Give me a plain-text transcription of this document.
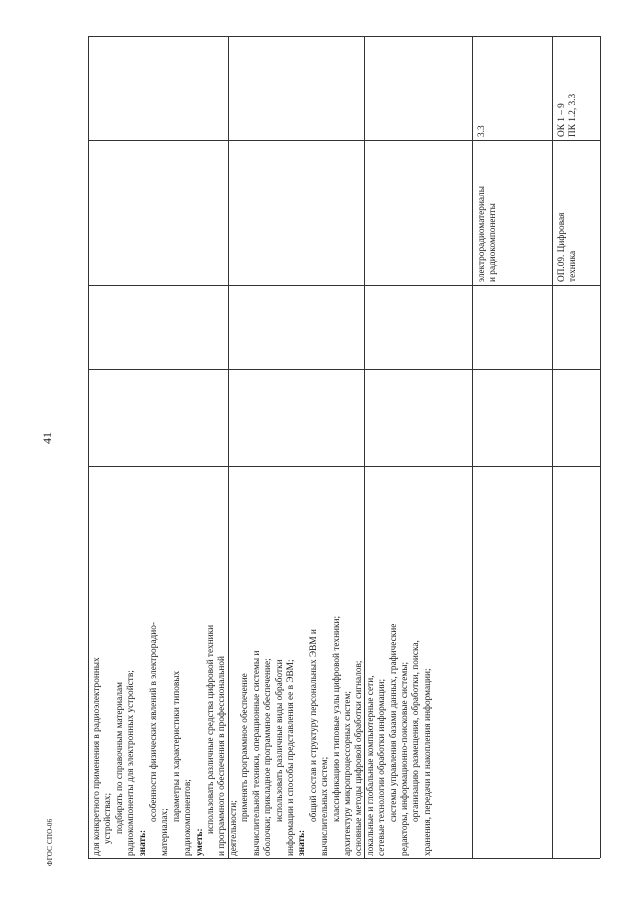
для конкретного применения в радиоэлектронных устройствах; подбирать по справочным материалам радиокомпоненты для электронных устройств; знать:
особенности физических явлений в электрорадио-
материалах;
параметры и характеристики типовых радиокомпонентов; уметь:
использовать различные средства цифровой техники и программного обеспечения в профессиональной деятельности;
применять программное обеспечение вычислительной техники, операционные системы и оболочки; прикладное программное обеспечение; использовать различные виды обработки информации и способы представления ее в ЭВМ; знать:
общий состав и структуру персональных ЭВМ и вычислительных систем; классификацию и типовые узлы цифровой техники; архитектуру микропроцессорных систем; основные методы цифровой обработки сигналов; локальные и глобальные компьютерные сети, сетевые технологии обработки информации; системы управления базами данных, графические редакторы, информационно-поисковые системы; организацию размещения, обработки, поиска, хранения, передачи и накопления информации;
электрорадиоматериалы и радиокомпоненты
3.3
ОП.09. Цифровая техника
ОК 1 – 9 ПК 1.2, 3.3
41
ФГОС СПО-06
